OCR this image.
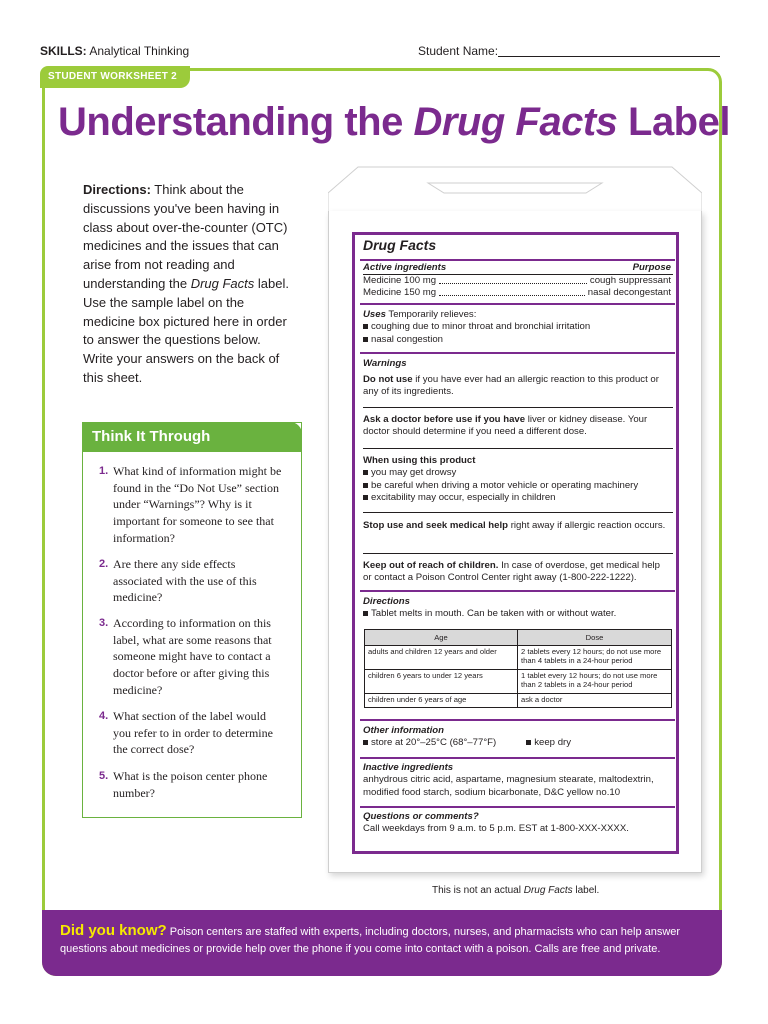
SKILLS: Analytical Thinking	Student Name:
STUDENT WORKSHEET 2
Understanding the Drug Facts Label
Directions: Think about the discussions you've been having in class about over-the-counter (OTC) medicines and the issues that can arise from not reading and understanding the Drug Facts label. Use the sample label on the medicine box pictured here in order to answer the questions below. Write your answers on the back of this sheet.
Think It Through
1. What kind of information might be found in the “Do Not Use” section under “Warnings”? Why is it important for someone to see that information?
2. Are there any side effects associated with the use of this medicine?
3. According to information on this label, what are some reasons that someone might have to contact a doctor before or after giving this medicine?
4. What section of the label would you refer to in order to determine the correct dose?
5. What is the poison center phone number?
Drug Facts
Active ingredients	Purpose
Medicine 100 mg	cough suppressant
Medicine 150 mg	nasal decongestant
Uses Temporarily relieves:
coughing due to minor throat and bronchial irritation
nasal congestion
Warnings
Do not use if you have ever had an allergic reaction to this product or any of its ingredients.
Ask a doctor before use if you have liver or kidney disease. Your doctor should determine if you need a different dose.
When using this product
you may get drowsy
be careful when driving a motor vehicle or operating machinery
excitability may occur, especially in children
Stop use and seek medical help right away if allergic reaction occurs.
Keep out of reach of children. In case of overdose, get medical help or contact a Poison Control Center right away (1-800-222-1222).
Directions
Tablet melts in mouth. Can be taken with or without water.
Age	Dose
adults and children 12 years and older	2 tablets every 12 hours; do not use more than 4 tablets in a 24-hour period
children 6 years to under 12 years	1 tablet every 12 hours; do not use more than 2 tablets in a 24-hour period
children under 6 years of age	ask a doctor
Other information
store at 20°–25°C (68°–77°F)	keep dry
Inactive ingredients
anhydrous citric acid, aspartame, magnesium stearate, maltodextrin, modified food starch, sodium bicarbonate, D&C yellow no.10
Questions or comments?
Call weekdays from 9 a.m. to 5 p.m. EST at 1-800-XXX-XXXX.
This is not an actual Drug Facts label.
Did you know? Poison centers are staffed with experts, including doctors, nurses, and pharmacists who can help answer questions about medicines or provide help over the phone if you come into contact with a poison. Calls are free and private.
